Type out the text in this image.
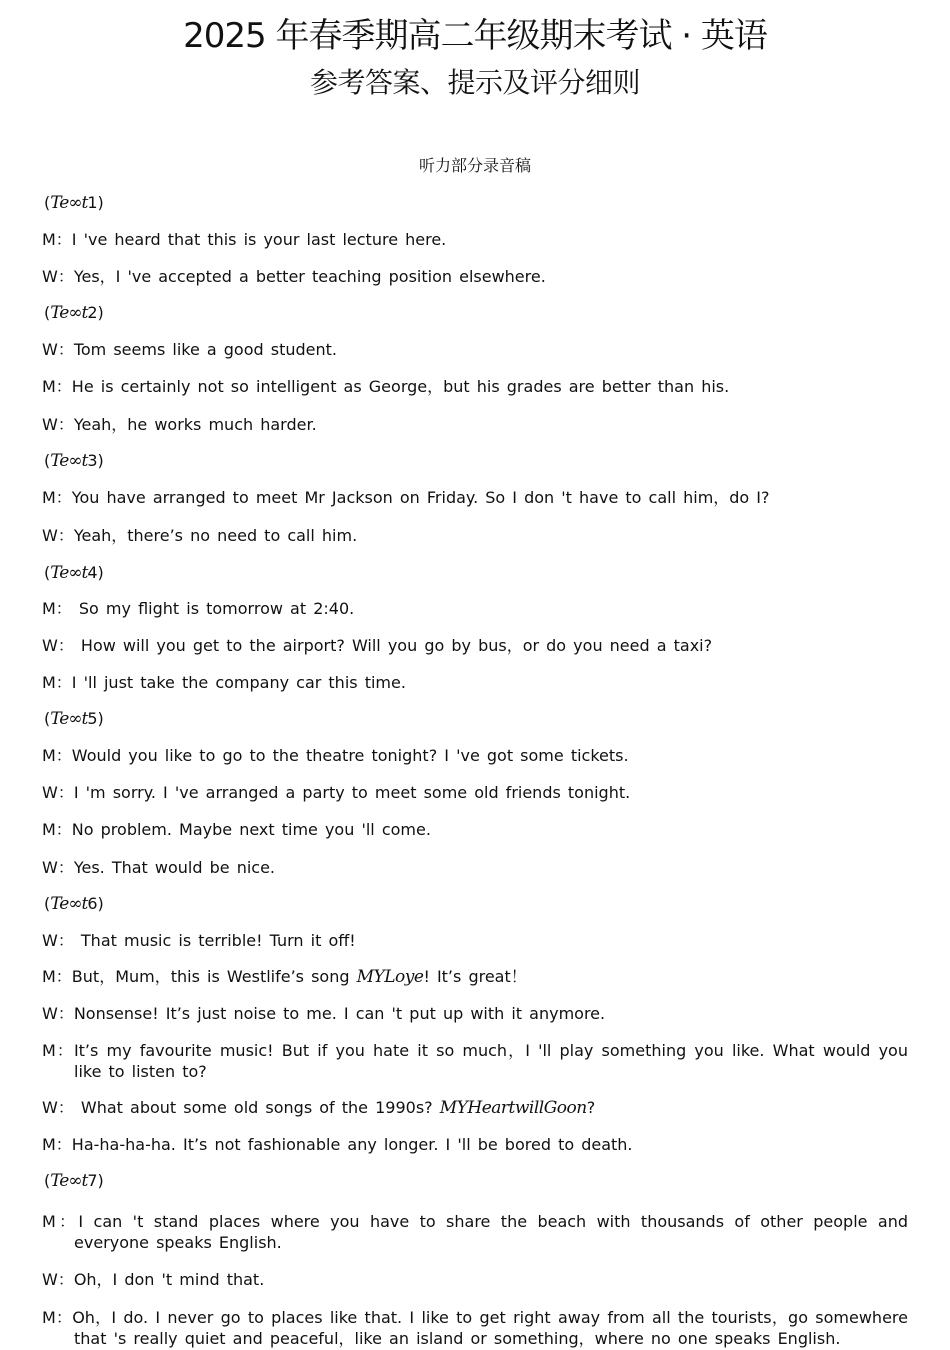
2025 年春季期高二年级期末考试 · 英语
参考答案、提示及评分细则
听力部分录音稿
(Te∞t1)
M：I 've heard that this is your last lecture here.
W：Yes，I 've accepted a better teaching position elsewhere.
(Te∞t2)
W：Tom seems like a good student.
M：He is certainly not so intelligent as George，but his grades are better than his.
W：Yeah，he works much harder.
(Te∞t3)
M：You have arranged to meet Mr Jackson on Friday. So I don 't have to call him，do I?
W：Yeah，there’s no need to call him.
(Te∞t4)
M： So my flight is tomorrow at 2:40.
W： How will you get to the airport? Will you go by bus，or do you need a taxi?
M：I 'll just take the company car this time.
(Te∞t5)
M：Would you like to go to the theatre tonight? I 've got some tickets.
W：I 'm sorry. I 've arranged a party to meet some old friends tonight.
M：No problem. Maybe next time you 'll come.
W：Yes. That would be nice.
(Te∞t6)
W： That music is terrible! Turn it off!
M：But，Mum，this is Westlife’s song MYLoye! It’s great！
W：Nonsense! It’s just noise to me. I can 't put up with it anymore.
M：It’s my favourite music! But if you hate it so much，I 'll play something you like. What would you like to listen to?
W： What about some old songs of the 1990s? MYHeartwillGoon?
M：Ha-ha-ha-ha. It’s not fashionable any longer. I 'll be bored to death.
(Te∞t7)
M：I can 't stand places where you have to share the beach with thousands of other people and everyone speaks English.
W：Oh，I don 't mind that.
M：Oh，I do. I never go to places like that. I like to get right away from all the tourists，go somewhere that 's really quiet and peaceful，like an island or something，where no one speaks English.
